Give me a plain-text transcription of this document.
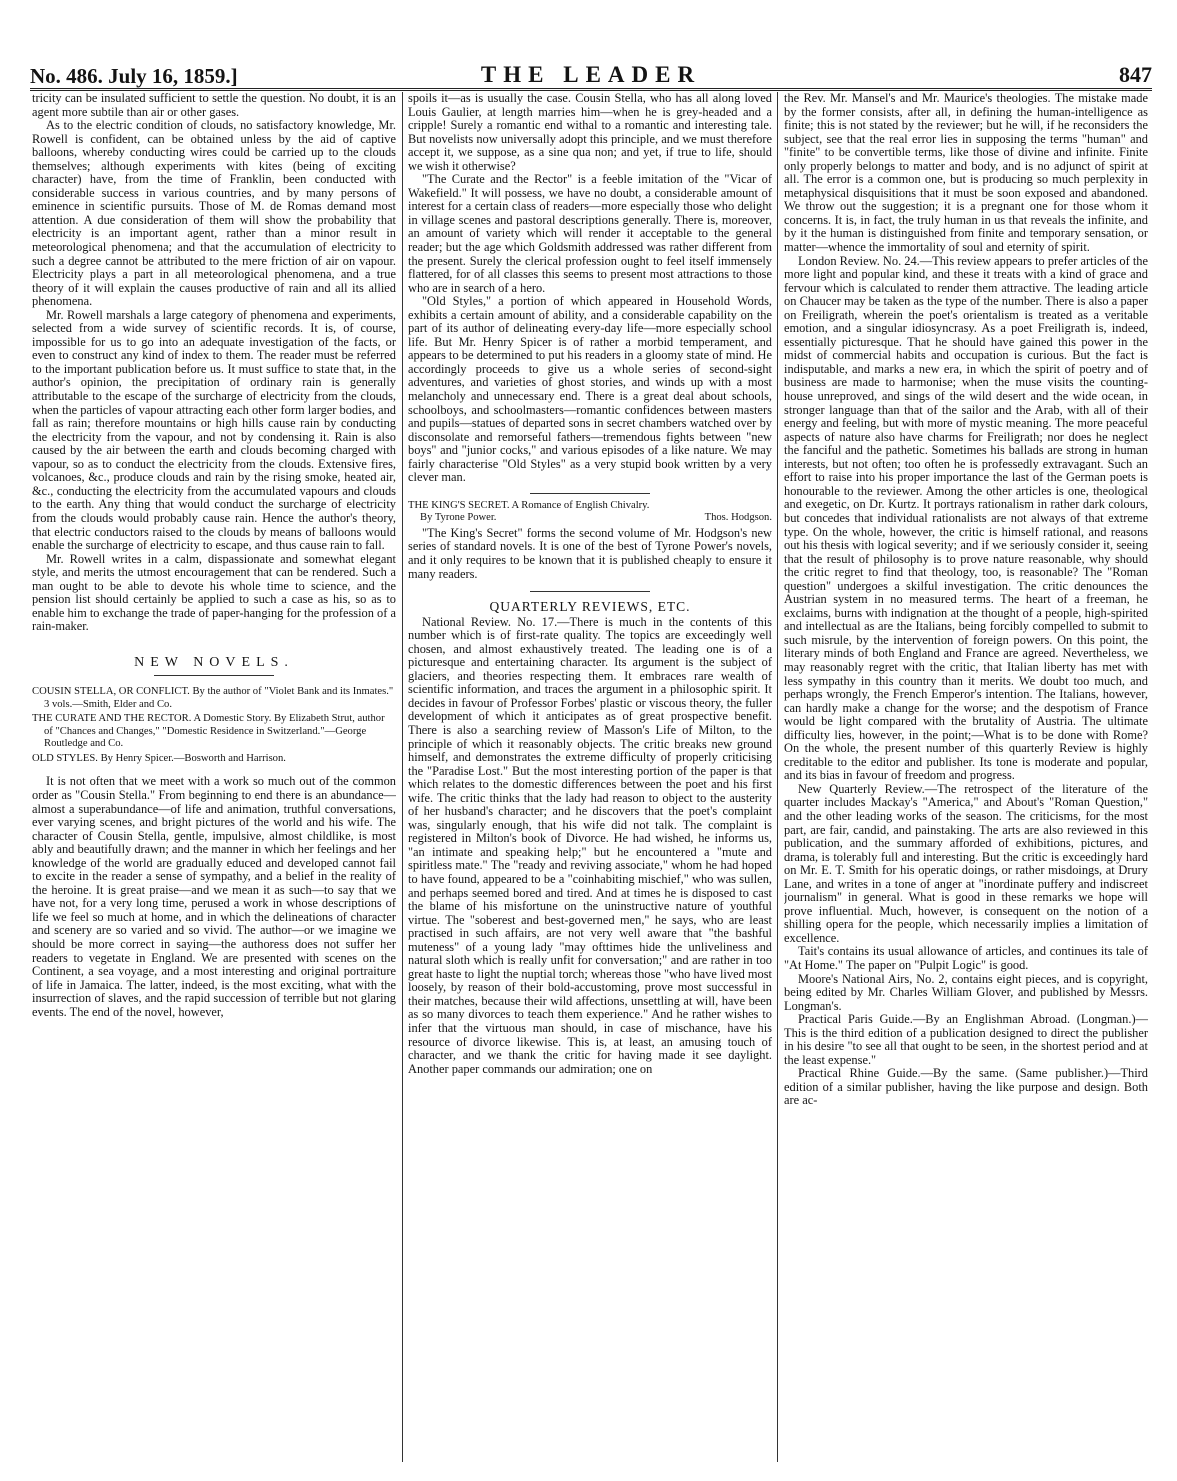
No. 486. July 16, 1859.]	THE LEADER	847

tricity can be insulated sufficient to settle the question. No doubt, it is an agent more subtile than air or other gases.

As to the electric condition of clouds, no satisfactory knowledge, Mr. Rowell is confident, can be obtained unless by the aid of captive balloons, whereby conducting wires could be carried up to the clouds themselves; although experiments with kites (being of exciting character) have, from the time of Franklin, been conducted with considerable success in various countries, and by many persons of eminence in scientific pursuits. Those of M. de Romas demand most attention. A due consideration of them will show the probability that electricity is an important agent, rather than a minor result in meteorological phenomena; and that the accumulation of electricity to such a degree cannot be attributed to the mere friction of air on vapour. Electricity plays a part in all meteorological phenomena, and a true theory of it will explain the causes productive of rain and all its allied phenomena.

Mr. Rowell marshals a large category of phenomena and experiments, selected from a wide survey of scientific records. It is, of course, impossible for us to go into an adequate investigation of the facts, or even to construct any kind of index to them. The reader must be referred to the important publication before us. It must suffice to state that, in the author's opinion, the precipitation of ordinary rain is generally attributable to the escape of the surcharge of electricity from the clouds, when the particles of vapour attracting each other form larger bodies, and fall as rain; therefore mountains or high hills cause rain by conducting the electricity from the vapour, and not by condensing it. Rain is also caused by the air between the earth and clouds becoming charged with vapour, so as to conduct the electricity from the clouds. Extensive fires, volcanoes, &c., produce clouds and rain by the rising smoke, heated air, &c., conducting the electricity from the accumulated vapours and clouds to the earth. Any thing that would conduct the surcharge of electricity from the clouds would probably cause rain. Hence the author's theory, that electric conductors raised to the clouds by means of balloons would enable the surcharge of electricity to escape, and thus cause rain to fall.

Mr. Rowell writes in a calm, dispassionate and somewhat elegant style, and merits the utmost encouragement that can be rendered. Such a man ought to be able to devote his whole time to science, and the pension list should certainly be applied to such a case as his, so as to enable him to exchange the trade of paper-hanging for the profession of a rain-maker.

NEW NOVELS.
COUSIN STELLA, OR CONFLICT. By the author of "Violet Bank and its Inmates." 3 vols.—Smith, Elder and Co.
THE CURATE AND THE RECTOR. A Domestic Story. By Elizabeth Strut, author of "Chances and Changes," "Domestic Residence in Switzerland."—George Routledge and Co.
OLD STYLES. By Henry Spicer.—Bosworth and Harrison.

It is not often that we meet with a work so much out of the common order as "Cousin Stella." From beginning to end there is an abundance—almost a superabundance—of life and animation, truthful conversations, ever varying scenes, and bright pictures of the world and his wife. The character of Cousin Stella, gentle, impulsive, almost childlike, is most ably and beautifully drawn; and the manner in which her feelings and her knowledge of the world are gradually educed and developed cannot fail to excite in the reader a sense of sympathy, and a belief in the reality of the heroine. It is great praise—and we mean it as such—to say that we have not, for a very long time, perused a work in whose descriptions of life we feel so much at home, and in which the delineations of character and scenery are so varied and so vivid. The author—or we imagine we should be more correct in saying—the authoress does not suffer her readers to vegetate in England. We are presented with scenes on the Continent, a sea voyage, and a most interesting and original portraiture of life in Jamaica. The latter, indeed, is the most exciting, what with the insurrection of slaves, and the rapid succession of terrible but not glaring events. The end of the novel, however,

spoils it—as is usually the case. Cousin Stella, who has all along loved Louis Gaulier, at length marries him—when he is grey-headed and a cripple! Surely a romantic end withal to a romantic and interesting tale. But novelists now universally adopt this principle, and we must therefore accept it, we suppose, as a sine qua non; and yet, if true to life, should we wish it otherwise?

"The Curate and the Rector" is a feeble imitation of the "Vicar of Wakefield." It will possess, we have no doubt, a considerable amount of interest for a certain class of readers—more especially those who delight in village scenes and pastoral descriptions generally. There is, moreover, an amount of variety which will render it acceptable to the general reader; but the age which Goldsmith addressed was rather different from the present. Surely the clerical profession ought to feel itself immensely flattered, for of all classes this seems to present most attractions to those who are in search of a hero.

"Old Styles," a portion of which appeared in Household Words, exhibits a certain amount of ability, and a considerable capability on the part of its author of delineating every-day life—more especially school life. But Mr. Henry Spicer is of rather a morbid temperament, and appears to be determined to put his readers in a gloomy state of mind. He accordingly proceeds to give us a whole series of second-sight adventures, and varieties of ghost stories, and winds up with a most melancholy and unnecessary end. There is a great deal about schools, schoolboys, and schoolmasters—romantic confidences between masters and pupils—statues of departed sons in secret chambers watched over by disconsolate and remorseful fathers—tremendous fights between "new boys" and "junior cocks," and various episodes of a like nature. We may fairly characterise "Old Styles" as a very stupid book written by a very clever man.

THE KING'S SECRET. A Romance of English Chivalry.
By Tyrone Power.	Thos. Hodgson.

"The King's Secret" forms the second volume of Mr. Hodgson's new series of standard novels. It is one of the best of Tyrone Power's novels, and it only requires to be known that it is published cheaply to ensure it many readers.

QUARTERLY REVIEWS, ETC.

National Review. No. 17.—There is much in the contents of this number which is of first-rate quality. The topics are exceedingly well chosen, and almost exhaustively treated. The leading one is of a picturesque and entertaining character. Its argument is the subject of glaciers, and theories respecting them. It embraces rare wealth of scientific information, and traces the argument in a philosophic spirit. It decides in favour of Professor Forbes' plastic or viscous theory, the fuller development of which it anticipates as of great prospective benefit. There is also a searching review of Masson's Life of Milton, to the principle of which it reasonably objects. The critic breaks new ground himself, and demonstrates the extreme difficulty of properly criticising the "Paradise Lost." But the most interesting portion of the paper is that which relates to the domestic differences between the poet and his first wife. The critic thinks that the lady had reason to object to the austerity of her husband's character; and he discovers that the poet's complaint was, singularly enough, that his wife did not talk. The complaint is registered in Milton's book of Divorce. He had wished, he informs us, "an intimate and speaking help;" but he encountered a "mute and spiritless mate." The "ready and reviving associate," whom he had hoped to have found, appeared to be a "coinhabiting mischief," who was sullen, and perhaps seemed bored and tired. And at times he is disposed to cast the blame of his misfortune on the uninstructive nature of youthful virtue. The "soberest and best-governed men," he says, who are least practised in such affairs, are not very well aware that "the bashful muteness" of a young lady "may ofttimes hide the unliveliness and natural sloth which is really unfit for conversation;" and are rather in too great haste to light the nuptial torch; whereas those "who have lived most loosely, by reason of their bold-accustoming, prove most successful in their matches, because their wild affections, unsettling at will, have been as so many divorces to teach them experience." And he rather wishes to infer that the virtuous man should, in case of mischance, have his resource of divorce likewise. This is, at least, an amusing touch of character, and we thank the critic for having made it see daylight. Another paper commands our admiration; one on

the Rev. Mr. Mansel's and Mr. Maurice's theologies. The mistake made by the former consists, after all, in defining the human-intelligence as finite; this is not stated by the reviewer; but he will, if he reconsiders the subject, see that the real error lies in supposing the terms "human" and "finite" to be convertible terms, like those of divine and infinite. Finite only properly belongs to matter and body, and is no adjunct of spirit at all. The error is a common one, but is producing so much perplexity in metaphysical disquisitions that it must be soon exposed and abandoned. We throw out the suggestion; it is a pregnant one for those whom it concerns. It is, in fact, the truly human in us that reveals the infinite, and by it the human is distinguished from finite and temporary sensation, or matter—whence the immortality of soul and eternity of spirit.

London Review. No. 24.—This review appears to prefer articles of the more light and popular kind, and these it treats with a kind of grace and fervour which is calculated to render them attractive. The leading article on Chaucer may be taken as the type of the number. There is also a paper on Freiligrath, wherein the poet's orientalism is treated as a veritable emotion, and a singular idiosyncrasy. As a poet Freiligrath is, indeed, essentially picturesque. That he should have gained this power in the midst of commercial habits and occupation is curious. But the fact is indisputable, and marks a new era, in which the spirit of poetry and of business are made to harmonise; when the muse visits the counting-house unreproved, and sings of the wild desert and the wide ocean, in stronger language than that of the sailor and the Arab, with all of their energy and feeling, but with more of mystic meaning. The more peaceful aspects of nature also have charms for Freiligrath; nor does he neglect the fanciful and the pathetic. Sometimes his ballads are strong in human interests, but not often; too often he is professedly extravagant. Such an effort to raise into his proper importance the last of the German poets is honourable to the reviewer. Among the other articles is one, theological and exegetic, on Dr. Kurtz. It portrays rationalism in rather dark colours, but concedes that individual rationalists are not always of that extreme type. On the whole, however, the critic is himself rational, and reasons out his thesis with logical severity; and if we seriously consider it, seeing that the result of philosophy is to prove nature reasonable, why should the critic regret to find that theology, too, is reasonable? The "Roman question" undergoes a skilful investigation. The critic denounces the Austrian system in no measured terms. The heart of a freeman, he exclaims, burns with indignation at the thought of a people, high-spirited and intellectual as are the Italians, being forcibly compelled to submit to such misrule, by the intervention of foreign powers. On this point, the literary minds of both England and France are agreed. Nevertheless, we may reasonably regret with the critic, that Italian liberty has met with less sympathy in this country than it merits. We doubt too much, and perhaps wrongly, the French Emperor's intention. The Italians, however, can hardly make a change for the worse; and the despotism of France would be light compared with the brutality of Austria. The ultimate difficulty lies, however, in the point;—What is to be done with Rome? On the whole, the present number of this quarterly Review is highly creditable to the editor and publisher. Its tone is moderate and popular, and its bias in favour of freedom and progress.

New Quarterly Review.—The retrospect of the literature of the quarter includes Mackay's "America," and About's "Roman Question," and the other leading works of the season. The criticisms, for the most part, are fair, candid, and painstaking. The arts are also reviewed in this publication, and the summary afforded of exhibitions, pictures, and drama, is tolerably full and interesting. But the critic is exceedingly hard on Mr. E. T. Smith for his operatic doings, or rather misdoings, at Drury Lane, and writes in a tone of anger at "inordinate puffery and indiscreet journalism" in general. What is good in these remarks we hope will prove influential. Much, however, is consequent on the notion of a shilling opera for the people, which necessarily implies a limitation of excellence.

Tait's contains its usual allowance of articles, and continues its tale of "At Home." The paper on "Pulpit Logic" is good.

Moore's National Airs, No. 2, contains eight pieces, and is copyright, being edited by Mr. Charles William Glover, and published by Messrs. Longman's.

Practical Paris Guide.—By an Englishman Abroad. (Longman.)—This is the third edition of a publication designed to direct the publisher in his desire "to see all that ought to be seen, in the shortest period and at the least expense."

Practical Rhine Guide.—By the same. (Same publisher.)—Third edition of a similar publisher, having the like purpose and design. Both are ac-
